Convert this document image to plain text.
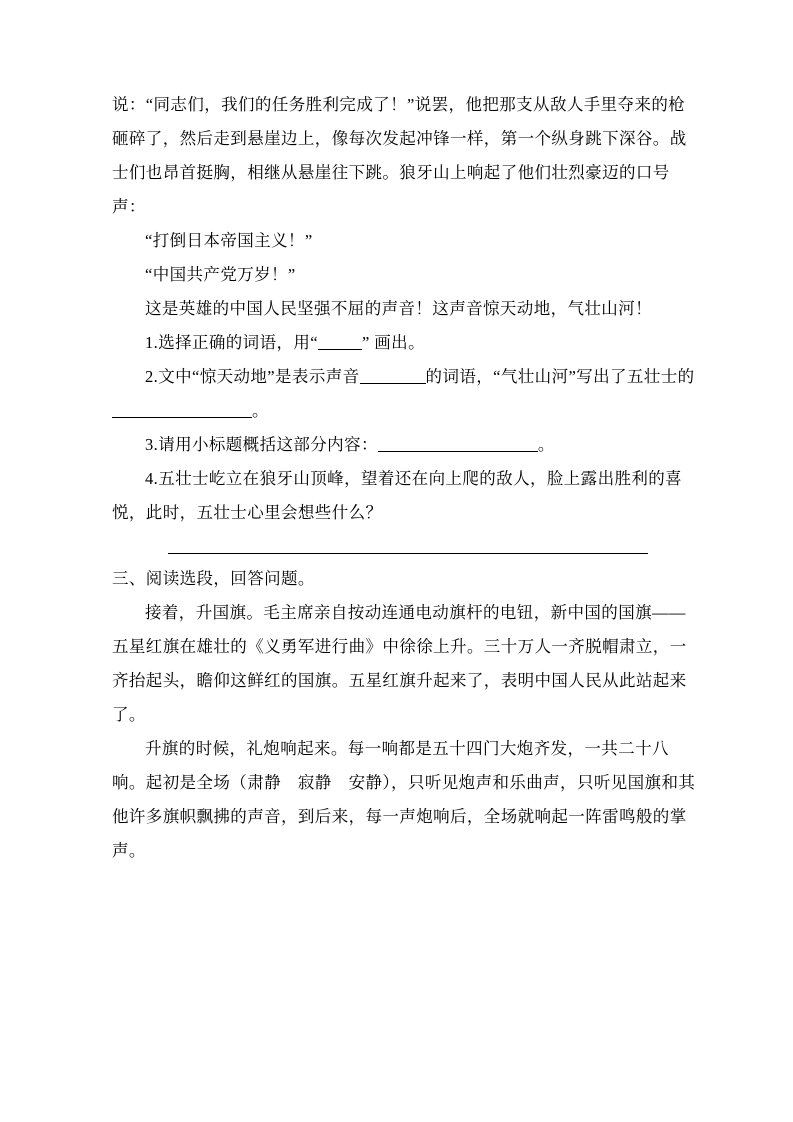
说：“同志们，我们的任务胜利完成了！”说罢，他把那支从敌人手里夺来的枪砸碎了，然后走到悬崖边上，像每次发起冲锋一样，第一个纵身跳下深谷。战士们也昂首挺胸，相继从悬崖往下跳。狼牙山上响起了他们壮烈豪迈的口号声：

“打倒日本帝国主义！”

“中国共产党万岁！”

这是英雄的中国人民坚强不屈的声音！这声音惊天动地，气壮山河！

1.选择正确的词语，用“	” 画出。

2.文中“惊天动地”是表示声音	的词语，“气壮山河”写出了五壮士的。

3.请用小标题概括这部分内容：	。

4.五壮士屹立在狼牙山顶峰，望着还在向上爬的敌人，脸上露出胜利的喜悦，此时，五壮士心里会想些什么？

三、阅读选段，回答问题。

接着，升国旗。毛主席亲自按动连通电动旗杆的电钮，新中国的国旗——五星红旗在雄壮的《义勇军进行曲》中徐徐上升。三十万人一齐脱帽肃立，一齐抬起头，瞻仰这鲜红的国旗。五星红旗升起来了，表明中国人民从此站起来了。

升旗的时候，礼炮响起来。每一响都是五十四门大炮齐发，一共二十八响。起初是全场（肃静　寂静　安静），只听见炮声和乐曲声，只听见国旗和其他许多旗帜飘拂的声音，到后来，每一声炮响后，全场就响起一阵雷鸣般的掌声。
